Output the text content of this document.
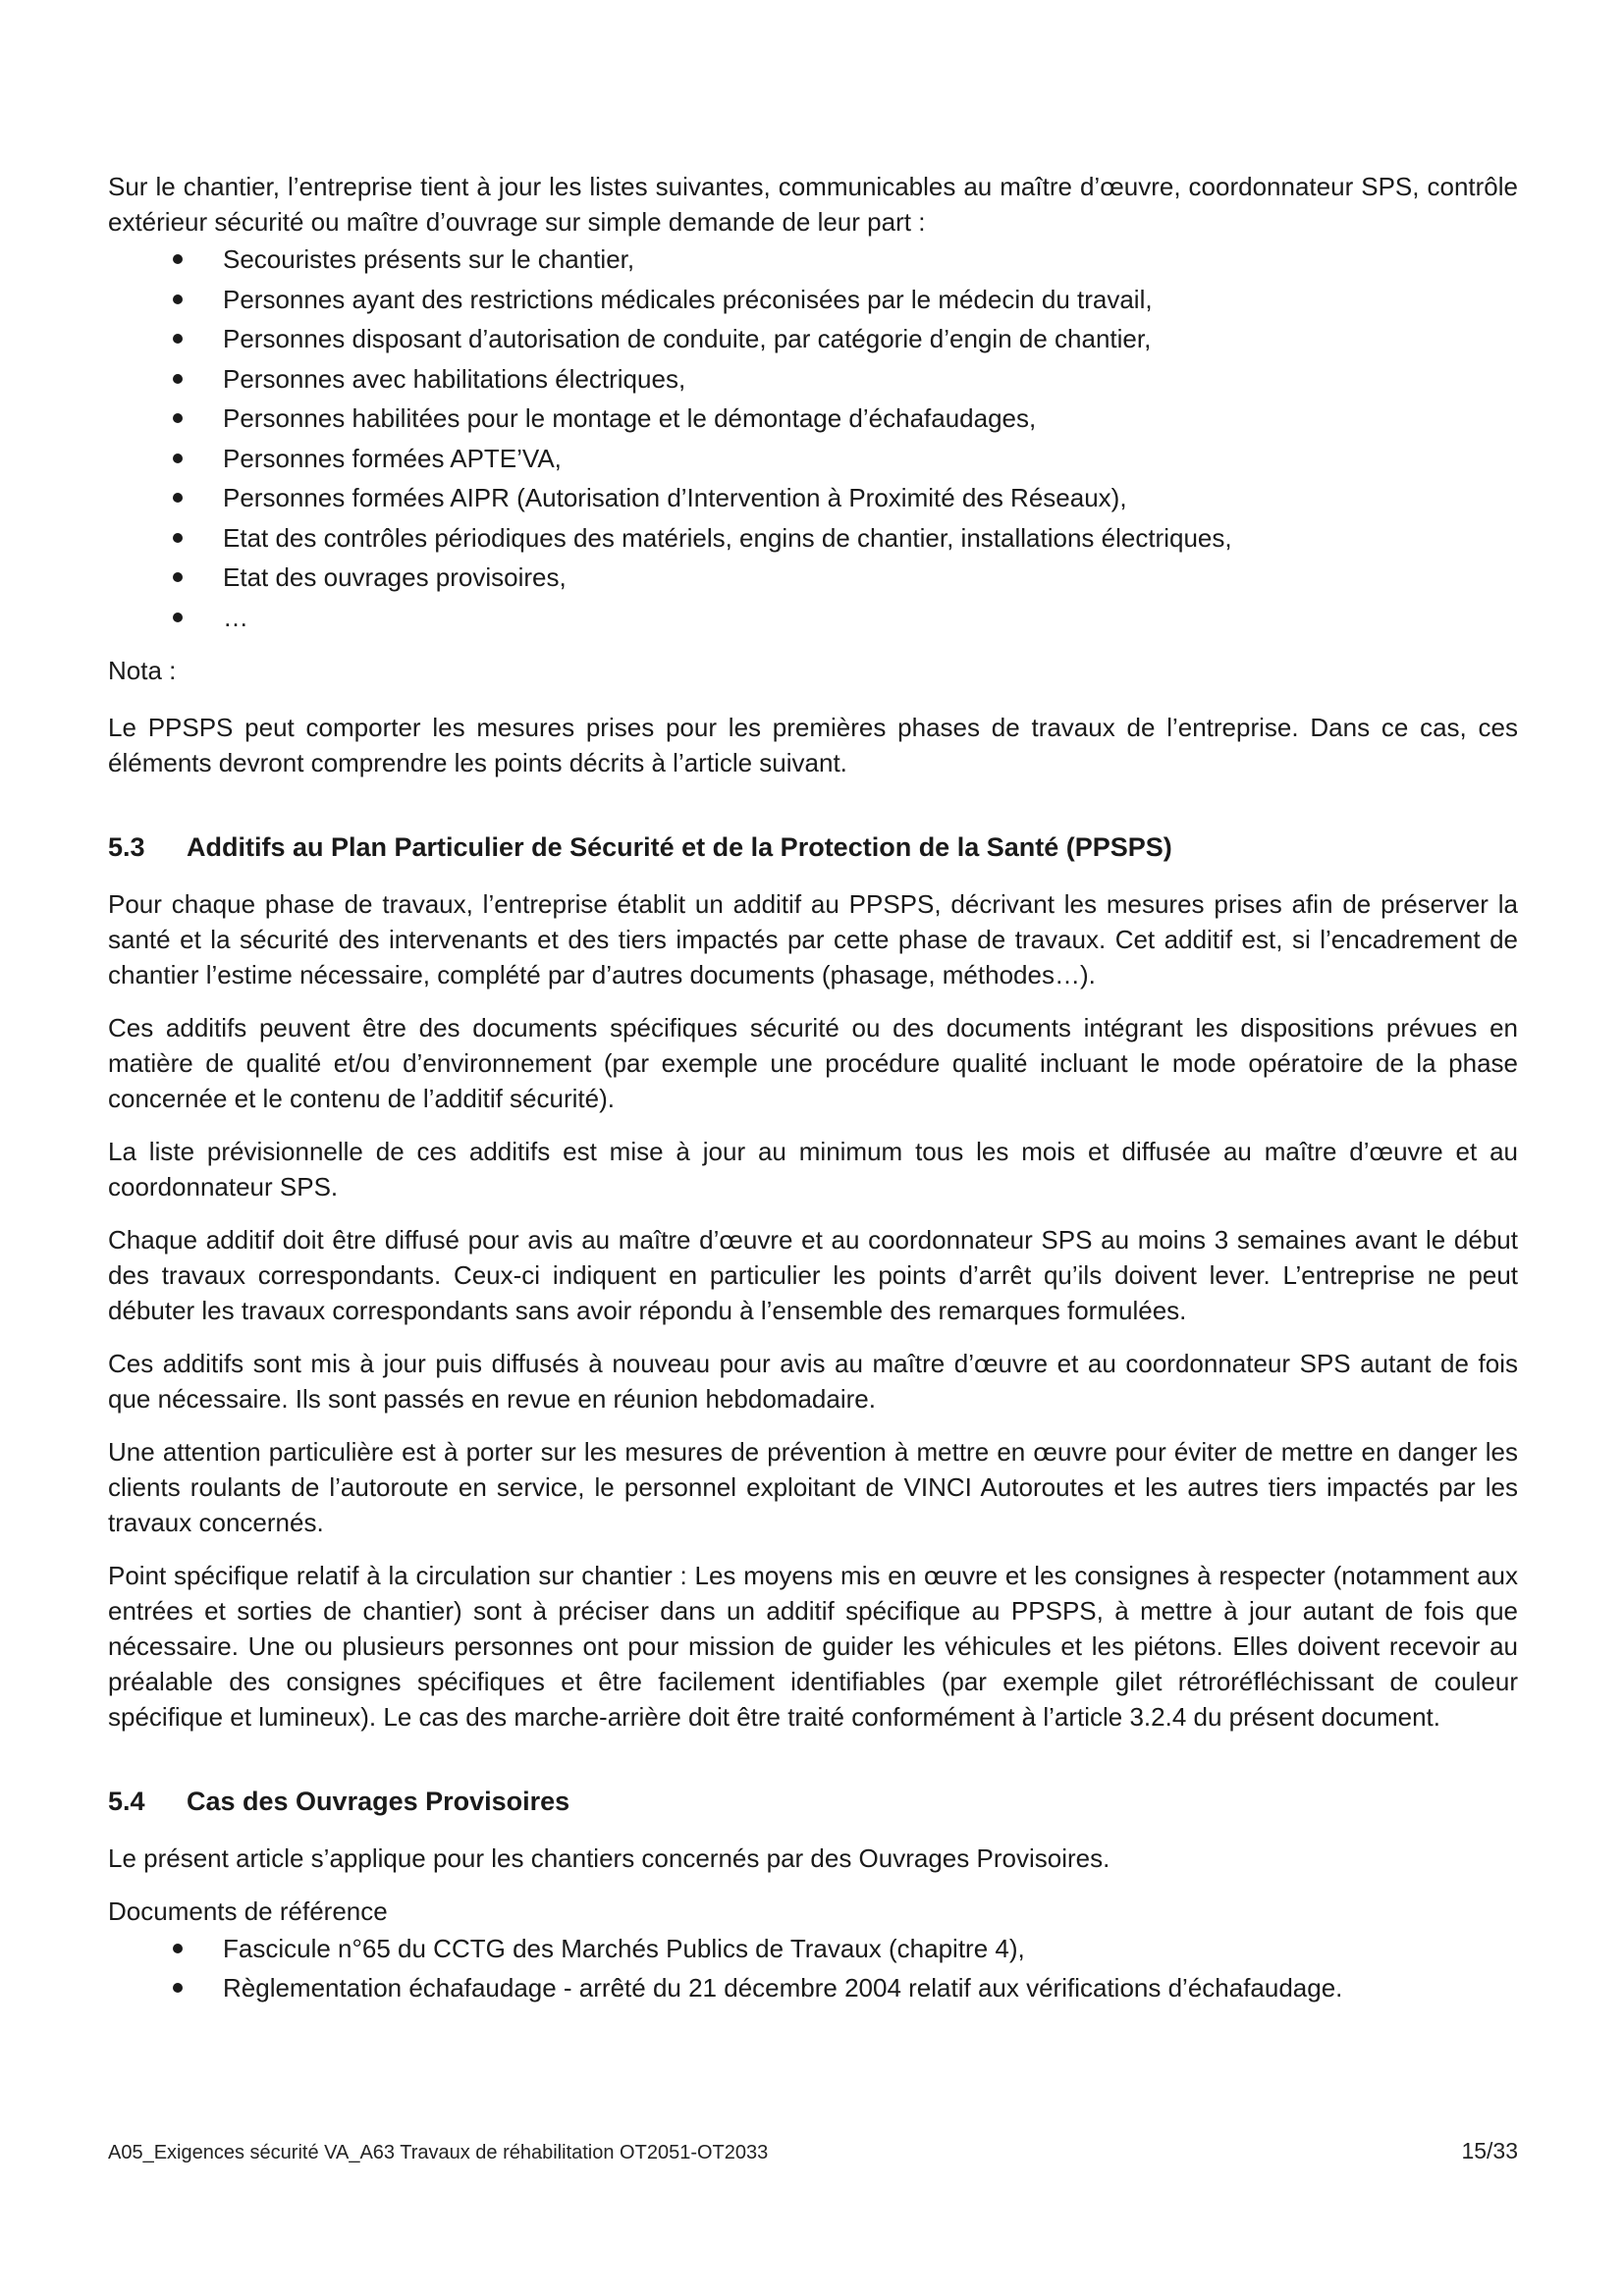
Sur le chantier, l’entreprise tient à jour les listes suivantes, communicables au maître d’œuvre, coordonnateur SPS, contrôle extérieur sécurité ou maître d’ouvrage sur simple demande de leur part :

Secouristes présents sur le chantier,
Personnes ayant des restrictions médicales préconisées par le médecin du travail,
Personnes disposant d’autorisation de conduite, par catégorie d’engin de chantier,
Personnes avec habilitations électriques,
Personnes habilitées pour le montage et le démontage d’échafaudages,
Personnes formées APTE’VA,
Personnes formées AIPR (Autorisation d’Intervention à Proximité des Réseaux),
Etat des contrôles périodiques des matériels, engins de chantier, installations électriques,
Etat des ouvrages provisoires,
…

Nota :

Le PPSPS peut comporter les mesures prises pour les premières phases de travaux de l’entreprise. Dans ce cas, ces éléments devront comprendre les points décrits à l’article suivant.

5.3	Additifs au Plan Particulier de Sécurité et de la Protection de la Santé (PPSPS)

Pour chaque phase de travaux, l’entreprise établit un additif au PPSPS, décrivant les mesures prises afin de préserver la santé et la sécurité des intervenants et des tiers impactés par cette phase de travaux. Cet additif est, si l’encadrement de chantier l’estime nécessaire, complété par d’autres documents (phasage, méthodes…).

Ces additifs peuvent être des documents spécifiques sécurité ou des documents intégrant les dispositions prévues en matière de qualité et/ou d’environnement (par exemple une procédure qualité incluant le mode opératoire de la phase concernée et le contenu de l’additif sécurité).

La liste prévisionnelle de ces additifs est mise à jour au minimum tous les mois et diffusée au maître d’œuvre et au coordonnateur SPS.

Chaque additif doit être diffusé pour avis au maître d’œuvre et au coordonnateur SPS au moins 3 semaines avant le début des travaux correspondants. Ceux-ci indiquent en particulier les points d’arrêt qu’ils doivent lever. L’entreprise ne peut débuter les travaux correspondants sans avoir répondu à l’ensemble des remarques formulées.

Ces additifs sont mis à jour puis diffusés à nouveau pour avis au maître d’œuvre et au coordonnateur SPS autant de fois que nécessaire. Ils sont passés en revue en réunion hebdomadaire.

Une attention particulière est à porter sur les mesures de prévention à mettre en œuvre pour éviter de mettre en danger les clients roulants de l’autoroute en service, le personnel exploitant de VINCI Autoroutes et les autres tiers impactés par les travaux concernés.

Point spécifique relatif à la circulation sur chantier : Les moyens mis en œuvre et les consignes à respecter (notamment aux entrées et sorties de chantier) sont à préciser dans un additif spécifique au PPSPS, à mettre à jour autant de fois que nécessaire. Une ou plusieurs personnes ont pour mission de guider les véhicules et les piétons. Elles doivent recevoir au préalable des consignes spécifiques et être facilement identifiables (par exemple gilet rétroréfléchissant de couleur spécifique et lumineux). Le cas des marche-arrière doit être traité conformément à l’article 3.2.4 du présent document.

5.4	Cas des Ouvrages Provisoires

Le présent article s’applique pour les chantiers concernés par des Ouvrages Provisoires.

Documents de référence

Fascicule n°65 du CCTG des Marchés Publics de Travaux (chapitre 4),
Règlementation échafaudage - arrêté du 21 décembre 2004 relatif aux vérifications d’échafaudage.
A05_Exigences sécurité VA_A63 Travaux de réhabilitation OT2051-OT2033	15/33
